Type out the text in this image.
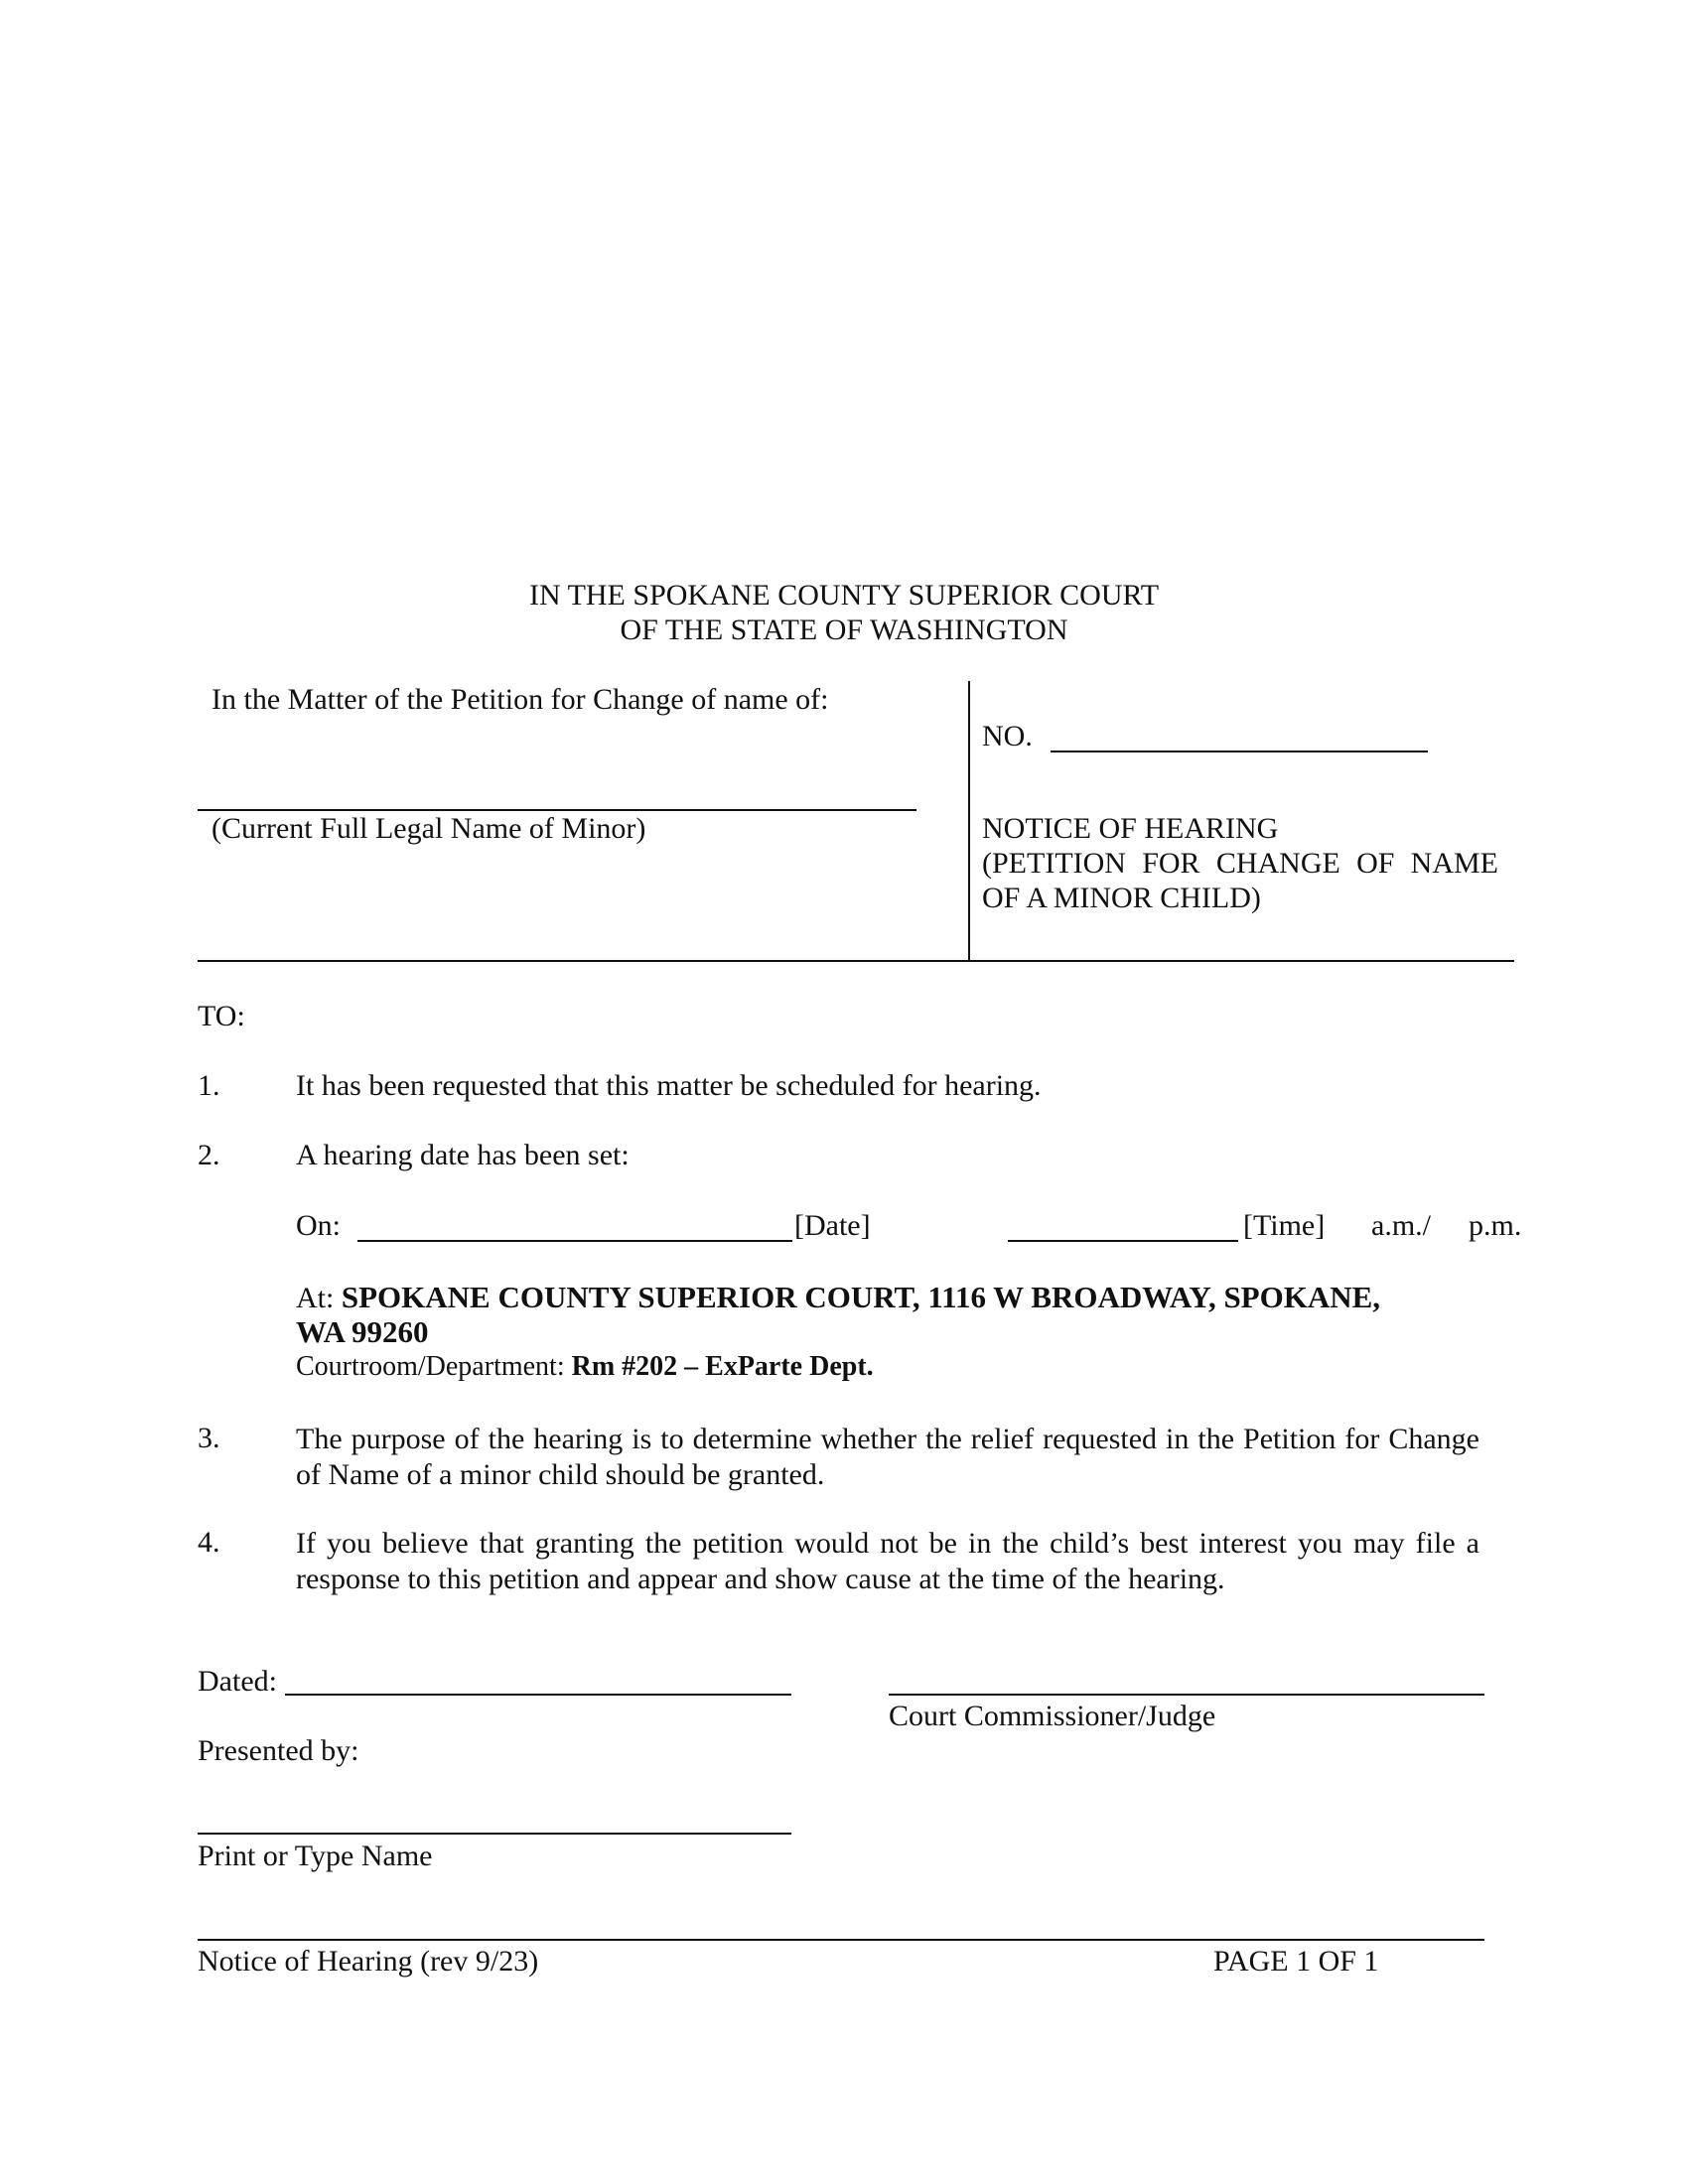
IN THE SPOKANE COUNTY SUPERIOR COURT
OF THE STATE OF WASHINGTON
In the Matter of the Petition for Change of name of:
(Current Full Legal Name of Minor)
NO.
NOTICE OF HEARING
(PETITION FOR CHANGE OF NAME
OF A MINOR CHILD)
TO:
1.	It has been requested that this matter be scheduled for hearing.
2.	A hearing date has been set:
On:	[Date]	[Time] a.m./ p.m.
At: SPOKANE COUNTY SUPERIOR COURT, 1116 W BROADWAY, SPOKANE,
WA 99260
Courtroom/Department: Rm #202 – ExParte Dept.
3.	The purpose of the hearing is to determine whether the relief requested in the Petition for Change of Name of a minor child should be granted.
4.	If you believe that granting the petition would not be in the child’s best interest you may file a response to this petition and appear and show cause at the time of the hearing.
Dated:
Court Commissioner/Judge
Presented by:
Print or Type Name
Notice of Hearing (rev 9/23)	PAGE 1 OF 1
